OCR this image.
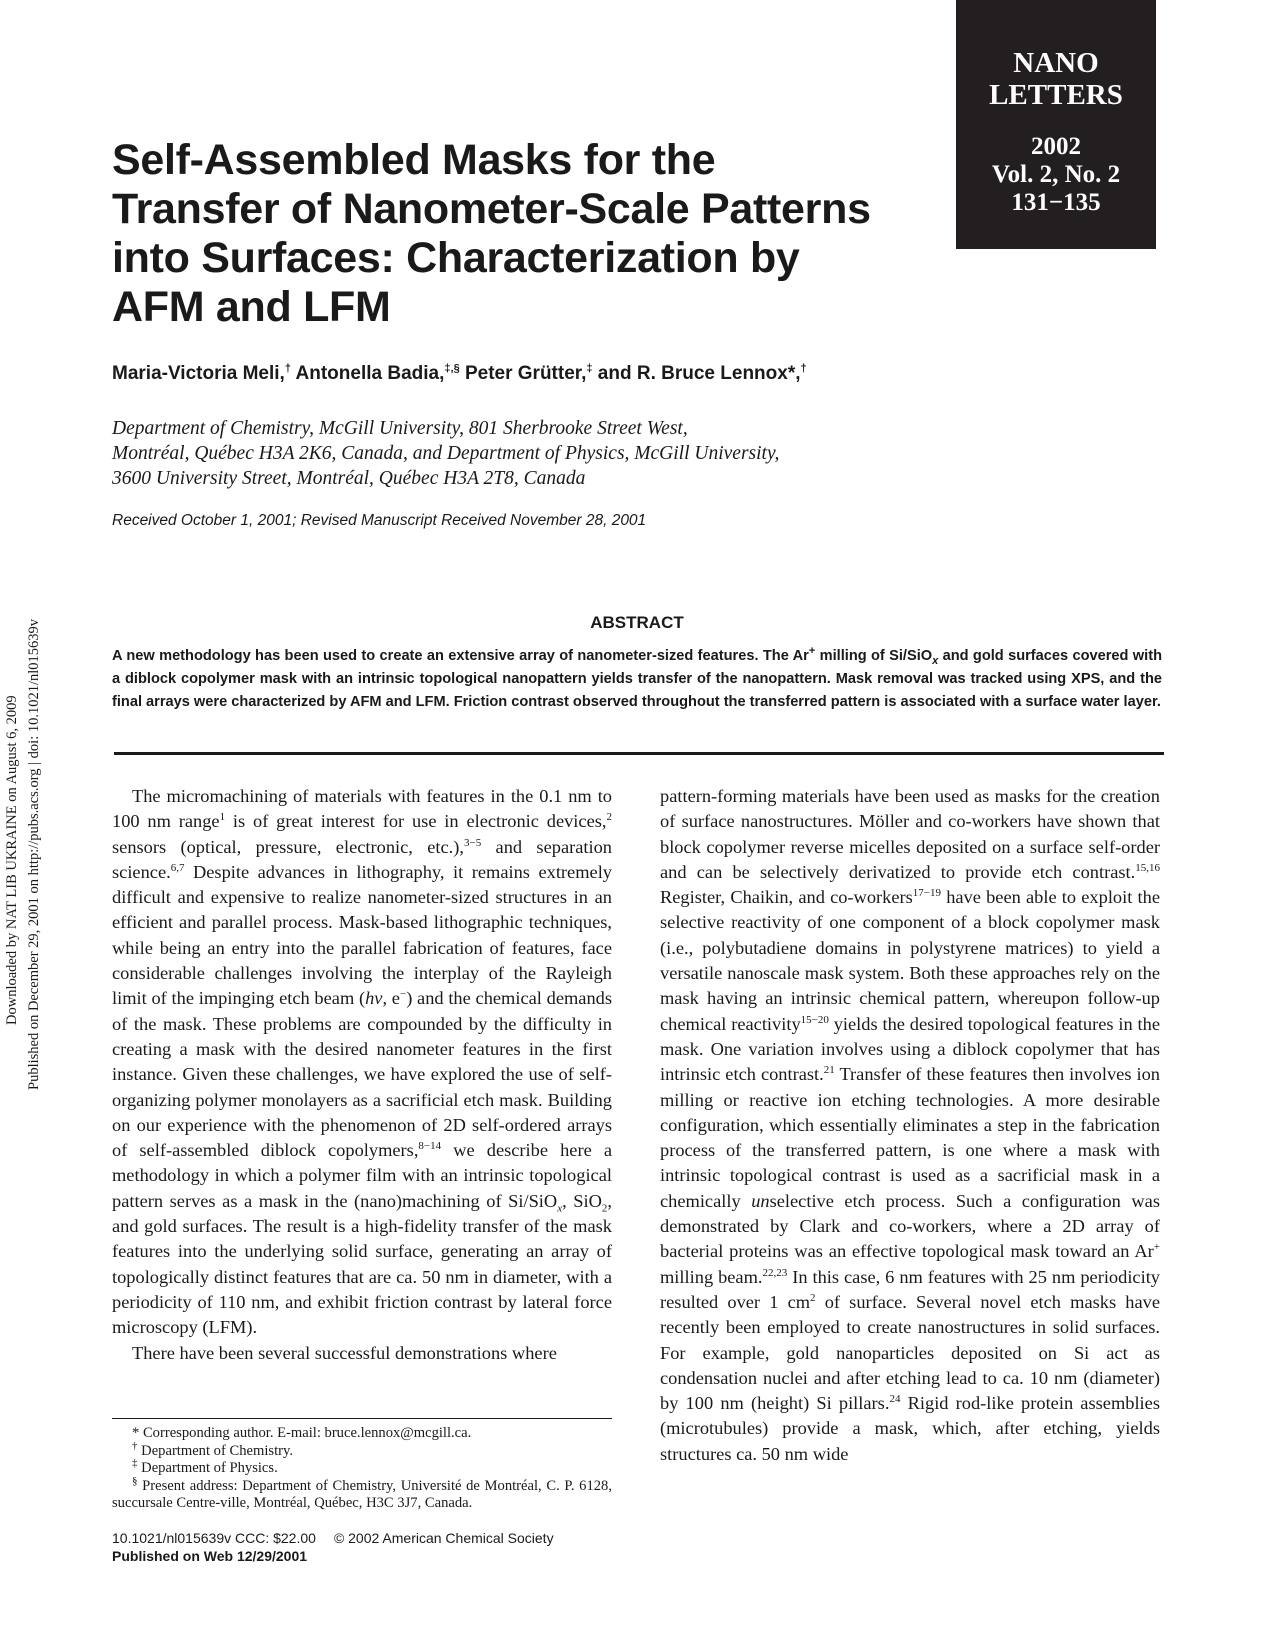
NANO
LETTERS
2002
Vol. 2, No. 2
131−135
Downloaded by NAT LIB UKRAINE on August 6, 2009 Published on December 29, 2001 on http://pubs.acs.org | doi: 10.1021/nl015639v
Self-Assembled Masks for the Transfer of Nanometer-Scale Patterns into Surfaces: Characterization by AFM and LFM
Maria-Victoria Meli,† Antonella Badia,‡,§ Peter Grütter,‡ and R. Bruce Lennox*,†
Department of Chemistry, McGill University, 801 Sherbrooke Street West,
Montréal, Québec H3A 2K6, Canada, and Department of Physics, McGill University,
3600 University Street, Montréal, Québec H3A 2T8, Canada
Received October 1, 2001; Revised Manuscript Received November 28, 2001
ABSTRACT
A new methodology has been used to create an extensive array of nanometer-sized features. The Ar+ milling of Si/SiO$_x$ and gold surfaces covered with a diblock copolymer mask with an intrinsic topological nanopattern yields transfer of the nanopattern. Mask removal was tracked using XPS, and the final arrays were characterized by AFM and LFM. Friction contrast observed throughout the transferred pattern is associated with a surface water layer.

The micromachining of materials with features in the 0.1 nm to 100 nm range$^1$ is of great interest for use in electronic devices,$^2$ sensors (optical, pressure, electronic, etc.),$^{3-5}$ and separation science.$^{6,7}$ Despite advances in lithography, it remains extremely difficult and expensive to realize nanometer-sized structures in an efficient and parallel process. Mask-based lithographic techniques, while being an entry into the parallel fabrication of features, face considerable challenges involving the interplay of the Rayleigh limit of the impinging etch beam (hν, e−) and the chemical demands of the mask. These problems are compounded by the difficulty in creating a mask with the desired nanometer features in the first instance. Given these challenges, we have explored the use of self-organizing polymer monolayers as a sacrificial etch mask. Building on our experience with the phenomenon of 2D self-ordered arrays of self-assembled diblock copolymers,$^{8-14}$ we describe here a methodology in which a polymer film with an intrinsic topological pattern serves as a mask in the (nano)machining of Si/SiO$_x$, SiO$_2$, and gold surfaces. The result is a high-fidelity transfer of the mask features into the underlying solid surface, generating an array of topologically distinct features that are ca. 50 nm in diameter, with a periodicity of 110 nm, and exhibit friction contrast by lateral force microscopy (LFM).

There have been several successful demonstrations where

pattern-forming materials have been used as masks for the creation of surface nanostructures. Möller and co-workers have shown that block copolymer reverse micelles deposited on a surface self-order and can be selectively derivatized to provide etch contrast.$^{15,16}$ Register, Chaikin, and co-workers$^{17-19}$ have been able to exploit the selective reactivity of one component of a block copolymer mask (i.e., polybutadiene domains in polystyrene matrices) to yield a versatile nanoscale mask system. Both these approaches rely on the mask having an intrinsic chemical pattern, whereupon follow-up chemical reactivity$^{15-20}$ yields the desired topological features in the mask. One variation involves using a diblock copolymer that has intrinsic etch contrast.$^{21}$ Transfer of these features then involves ion milling or reactive ion etching technologies. A more desirable configuration, which essentially eliminates a step in the fabrication process of the transferred pattern, is one where a mask with intrinsic topological contrast is used as a sacrificial mask in a chemically unselective etch process. Such a configuration was demonstrated by Clark and co-workers, where a 2D array of bacterial proteins was an effective topological mask toward an Ar+ milling beam.$^{22,23}$ In this case, 6 nm features with 25 nm periodicity resulted over 1 $cm^2$ of surface. Several novel etch masks have recently been employed to create nanostructures in solid surfaces. For example, gold nanoparticles deposited on Si act as condensation nuclei and after etching lead to ca. 10 nm (diameter) by 100 nm (height) Si pillars.$^{24}$ Rigid rod-like protein assemblies (microtubules) provide a mask, which, after etching, yields structures ca. 50 nm wide

* Corresponding author. E-mail: bruce.lennox@mcgill.ca.
† Department of Chemistry.
‡ Department of Physics.
§ Present address: Department of Chemistry, Université de Montréal, C. P. 6128, succursale Centre-ville, Montréal, Québec, H3C 3J7, Canada.
10.1021/nl015639v CCC: $22.00 © 2002 American Chemical Society
Published on Web 12/29/2001
